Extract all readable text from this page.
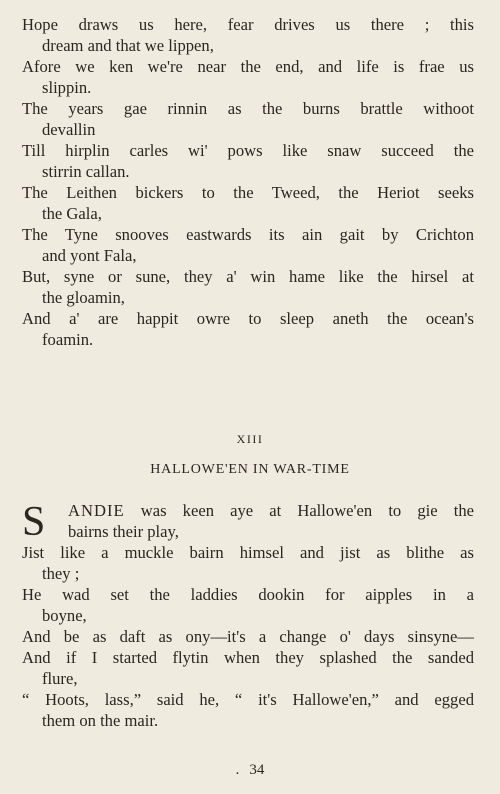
Hope draws us here, fear drives us there ; this
dream and that we lippen,
Afore we ken we're near the end, and life is frae us
slippin.
The years gae rinnin as the burns brattle withoot
devallin
Till hirplin carles wi' pows like snaw succeed the
stirrin callan.
The Leithen bickers to the Tweed, the Heriot seeks
the Gala,
The Tyne snooves eastwards its ain gait by Crichton
and yont Fala,
But, syne or sune, they a' win hame like the hirsel at
the gloamin,
And a' are happit owre to sleep aneth the ocean's
foamin.
XIII
HALLOWE'EN IN WAR-TIME
S ANDIE was keen aye at Hallowe'en to gie the
bairns their play,
Jist like a muckle bairn himsel and jist as blithe as
they ;
He wad set the laddies dookin for aipples in a
boyne,
And be as daft as ony—it's a change o' days sinsyne—
And if I started flytin when they splashed the sanded
flure,
“ Hoots, lass,” said he, “ it's Hallowe'en,” and egged
them on the mair.
. 34
